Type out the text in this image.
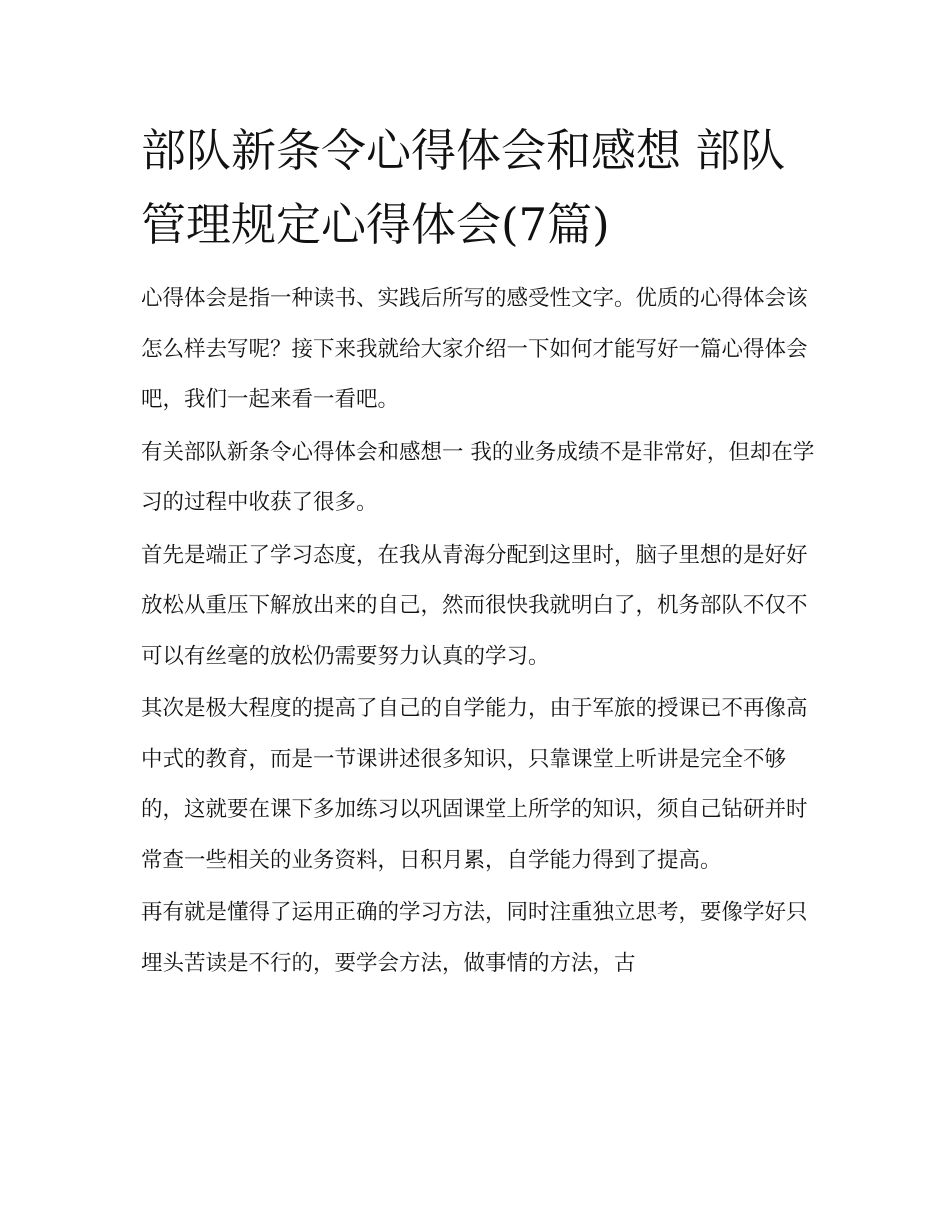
部队新条令心得体会和感想 部队管理规定心得体会(7篇)

心得体会是指一种读书、实践后所写的感受性文字。优质的心得体会该怎么样去写呢？接下来我就给大家介绍一下如何才能写好一篇心得体会吧，我们一起来看一看吧。

有关部队新条令心得体会和感想一 我的业务成绩不是非常好，但却在学习的过程中收获了很多。

首先是端正了学习态度，在我从青海分配到这里时，脑子里想的是好好放松从重压下解放出来的自己，然而很快我就明白了，机务部队不仅不可以有丝毫的放松仍需要努力认真的学习。

其次是极大程度的提高了自己的自学能力，由于军旅的授课已不再像高中式的教育，而是一节课讲述很多知识，只靠课堂上听讲是完全不够的，这就要在课下多加练习以巩固课堂上所学的知识，须自己钻研并时常查一些相关的业务资料，日积月累，自学能力得到了提高。

再有就是懂得了运用正确的学习方法，同时注重独立思考，要像学好只埋头苦读是不行的，要学会方法，做事情的方法，古
